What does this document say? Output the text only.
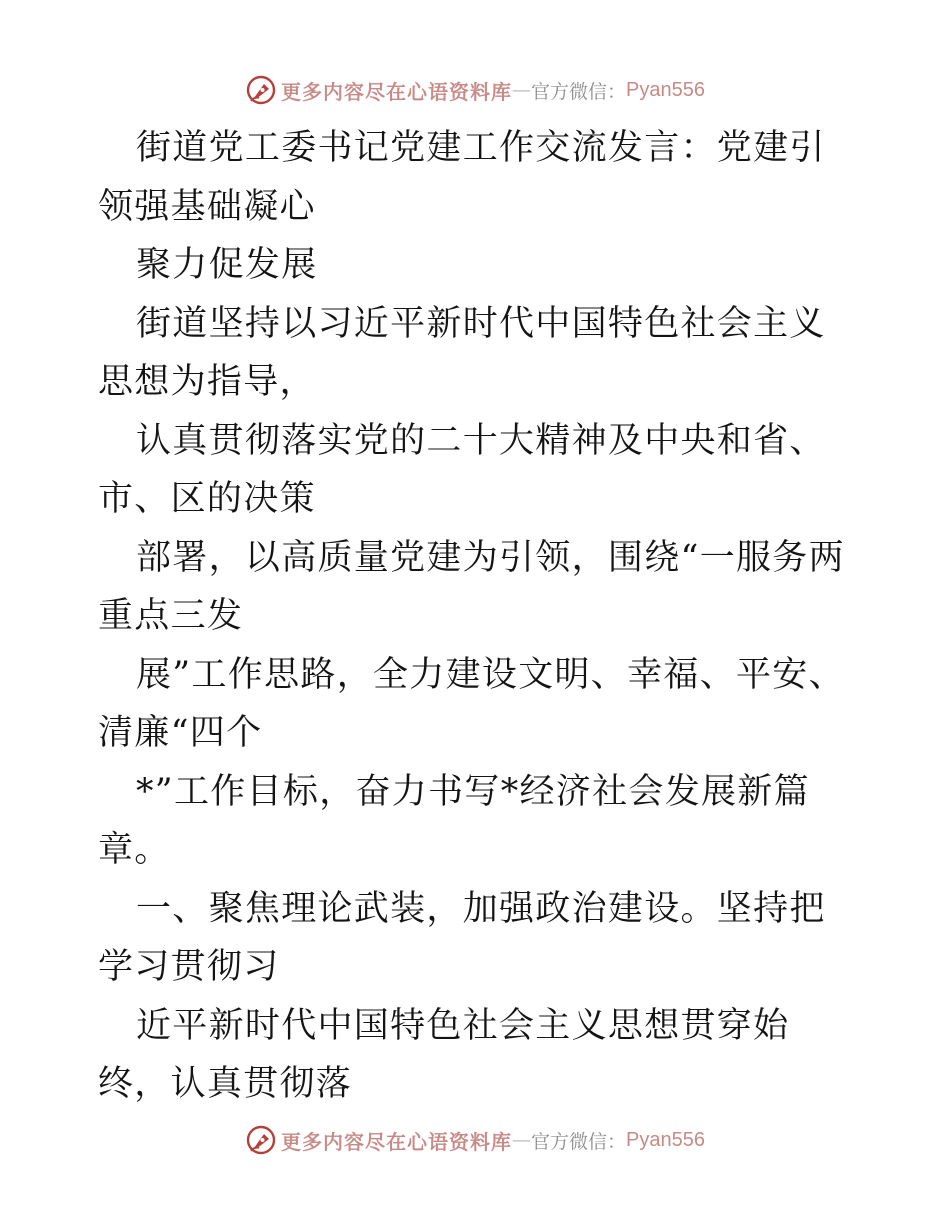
更多内容尽在心语资料库 — 官方微信： Pyan556

街道党工委书记党建工作交流发言：党建引领强基础凝心

聚力促发展

街道坚持以习近平新时代中国特色社会主义思想为指导，

认真贯彻落实党的二十大精神及中央和省、市、区的决策

部署，以高质量党建为引领，围绕“一服务两重点三发

展”工作思路，全力建设文明、幸福、平安、清廉“四个

*”工作目标，奋力书写*经济社会发展新篇章。

一、聚焦理论武装，加强政治建设。坚持把学习贯彻习

近平新时代中国特色社会主义思想贯穿始终，认真贯彻落

更多内容尽在心语资料库 — 官方微信： Pyan556
